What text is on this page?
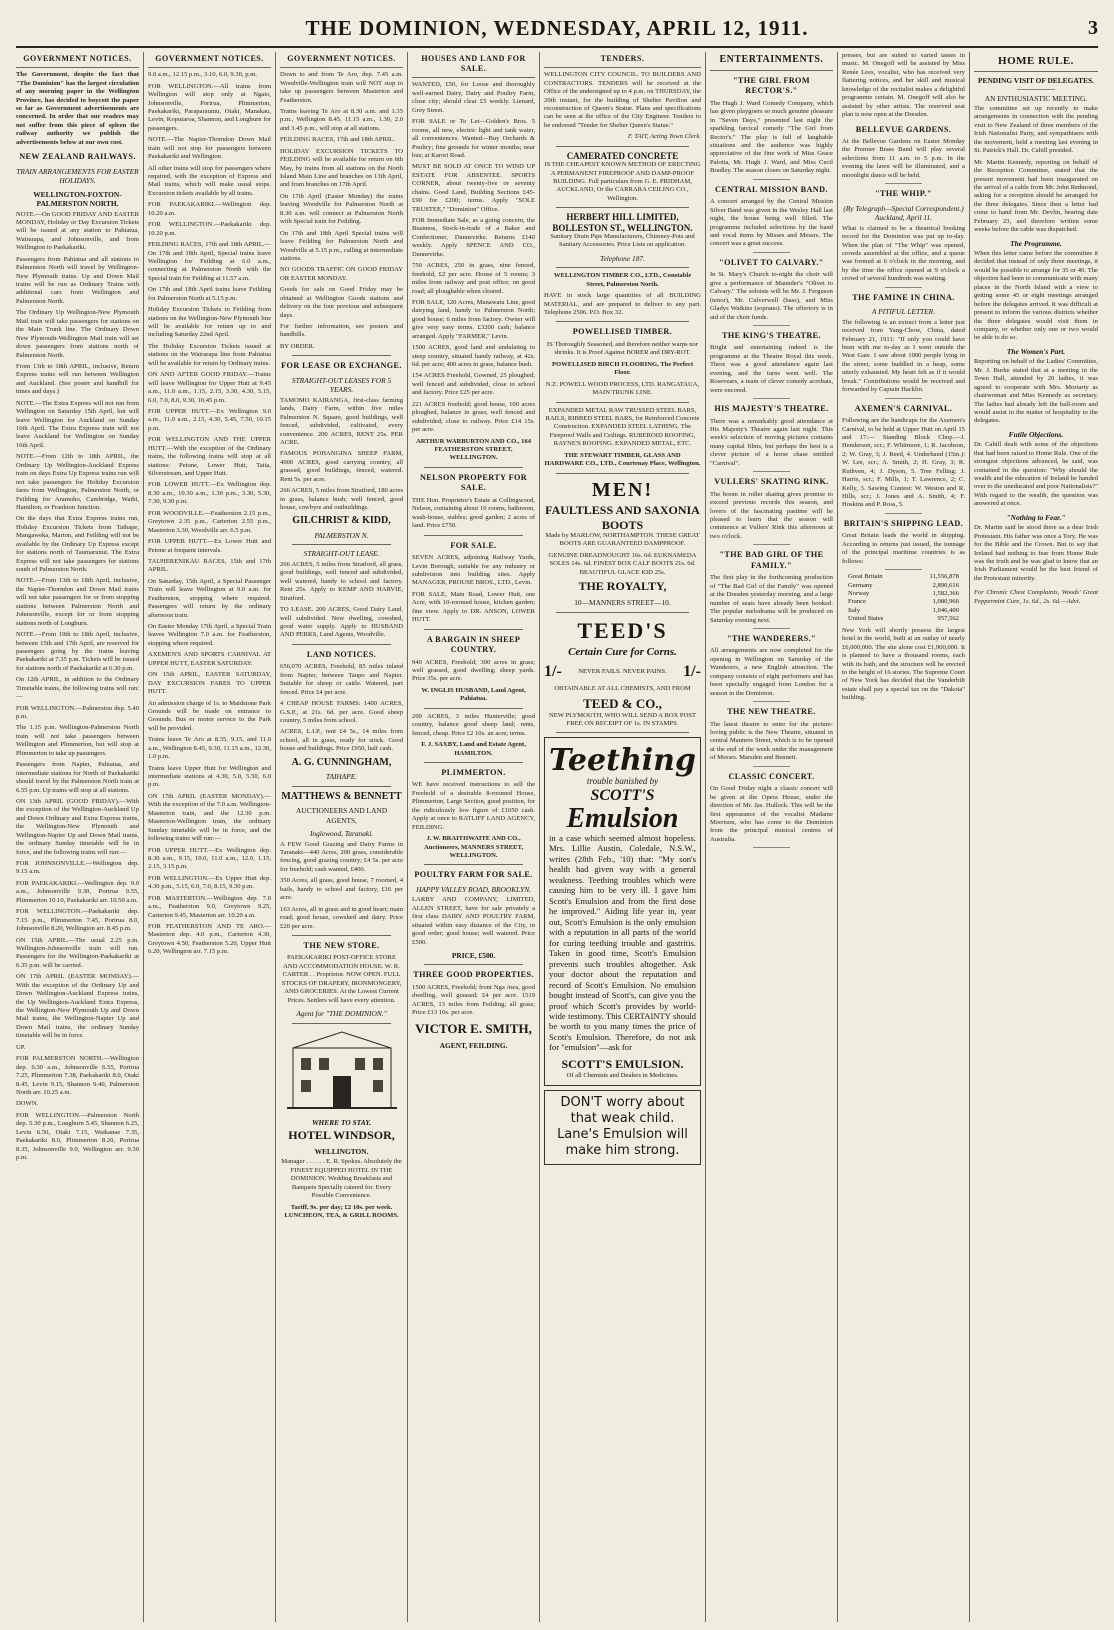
THE DOMINION, WEDNESDAY, APRIL 12, 1911.	3
GOVERNMENT NOTICES.
The Government, despite the fact that "The Dominion" has the largest circulation of any morning paper in the Wellington Province, has decided to boycott the paper so far as Government advertisements are concerned. In order that our readers may not suffer from this piece of spleen the railway authority we publish the advertisements below at our own cost.
NEW ZEALAND RAILWAYS.
TRAIN ARRANGEMENTS FOR EASTER HOLIDAYS.
WELLINGTON-FOXTON-PALMERSTON NORTH.
NOTE.—On GOOD FRIDAY AND EASTER MONDAY, Holiday or Day Excursion Tickets will be issued at any station to Pahiatua, Wairarapa, and Johnsonville, and from Wellington to Paekakariki.
Passengers from Pahiatua and all stations to Palmerston North will travel by Wellington-New Plymouth trains. Up and Down Mail trains will be run as Ordinary Trains with additional cars from Wellington and Palmerston North.
The Ordinary Up Wellington-New Plymouth Mail train will take passengers for stations on the Main Trunk line. The Ordinary Down New Plymouth-Wellington Mail train will set down passengers from stations north of Palmerston North.
From 13th to 18th APRIL, inclusive, Return Express trains will run between Wellington and Auckland. (See poster and handbill for times and days.)
NOTE.—The Extra Express will not run from Wellington on Saturday 15th April, but will leave Wellington for Auckland on Sunday 16th April. The Extra Express train will not leave Auckland for Wellington on Sunday 16th April.
NOTE.—From 12th to 18th APRIL, the Ordinary Up Wellington-Auckland Express train on days Extra Up Express trains run will not take passengers for Holiday Excursion fares from Wellington, Palmerston North, or Feilding for Aramoho, Cambridge, Waihi, Hamilton, or Frankton Junction.
On the days that Extra Express trains run, Holiday Excursion Tickets from Taihape, Mangaweka, Marton, and Feilding will not be available by the Ordinary Up Express except for stations north of Taumarunui. The Extra Express will not take passengers for stations south of Palmerston North.
NOTE.—From 13th to 18th April, inclusive, the Napier-Thorndon and Down Mail trains will not take passengers for or from stopping stations between Palmerston North and Johnsonville, except for or from stopping stations north of Longburn.
NOTE.—From 19th to 18th April, inclusive, between 15th and 17th April, are reserved for passengers going by the trains leaving Paekakariki at 7.35 p.m. Tickets will be issued for stations north of Paekakariki at 6.30 p.m.
On 12th APRIL, in addition to the Ordinary Timetable trains, the following trains will run:—
FOR WELLINGTON.—Palmerston dep. 5.40 p.m.
The 1.15 p.m. Wellington-Palmerston North train will not take passengers between Wellington and Plimmerton, but will stop at Plimmerton to take up passengers.
Passengers from Napier, Pahiatua, and intermediate stations for North of Paekakariki should travel by the Palmerston North train at 6.55 p.m. Up trains will stop at all stations.
ON 13th APRIL (GOOD FRIDAY).—With the exception of the Wellington-Auckland Up and Down Ordinary and Extra Express trains, the Wellington-New Plymouth and Wellington-Napier Up and Down Mail trains, the ordinary Sunday timetable will be in force, and the following trains will run:—
FOR JOHNSONVILLE.—Wellington dep. 9.15 a.m.
FOR PAEKAKARIKI.—Wellington dep. 9.0 a.m., Johnsonville 9.30, Porirua 9.55, Plimmerton 10.10, Paekakariki arr. 10.50 a.m.
FOR WELLINGTON.—Paekakariki dep. 7.15 p.m., Plimmerton 7.45, Porirua 8.0, Johnsonville 8.20, Wellington arr. 8.45 p.m.
ON 15th APRIL.—The usual 2.25 p.m. Wellington-Johnsonville train will run. Passengers for the Wellington-Paekakariki at 6.35 p.m. will be carried.
ON 17th APRIL (EASTER MONDAY).—With the exception of the Ordinary Up and Down Wellington-Auckland Express trains, the Up Wellington-Auckland Extra Express, the Wellington-New Plymouth Up and Down Mail trains, the Wellington-Napier Up and Down Mail trains, the ordinary Sunday timetable will be in force.
UP.
FOR PALMERSTON NORTH.—Wellington dep. 6.30 a.m., Johnsonville 6.55, Porirua 7.25, Plimmerton 7.38, Paekakariki 8.0, Otaki 8.45, Levin 9.15, Shannon 9.40, Palmerston North arr. 10.25 a.m.
DOWN.
FOR WELLINGTON.—Palmerston North dep. 5.30 p.m., Longburn 5.45, Shannon 6.25, Levin 6.50, Otaki 7.15, Waikanae 7.35, Paekakariki 8.0, Plimmerton 8.20, Porirua 8.35, Johnsonville 9.0, Wellington arr. 9.30 p.m.
GOVERNMENT NOTICES.
9.0 a.m., 12.15 p.m., 3.10, 6.0, 9.30, p.m.
FOR WELLINGTON.—All trains from Wellington will stop only at Ngaio, Johnsonville, Porirua, Plimmerton, Paekakariki, Paraparaumu, Otaki, Manakau, Levin, Koputaroa, Shannon, and Longburn for passengers.
NOTE.—The Napier-Thorndon Down Mail train will not stop for passengers between Paekakariki and Wellington.
All other trains will stop for passengers where required, with the exception of Express and Mail trains, which will make usual stops. Excursion tickets available by all trains.
FOR PAEKAKARIKI.—Wellington dep. 10.20 a.m.
FOR WELLINGTON.—Paekakariki dep. 10.20 p.m.
FEILDING RACES, 17th and 18th APRIL.—On 17th and 18th April, Special trains leave Wellington for Feilding at 6.0 a.m., connecting at Palmerston North with the Special train for Feilding at 11.57 a.m.
On 17th and 18th April trains leave Feilding for Palmerston North at 5.15 p.m.
Holiday Excursion Tickets to Feilding from stations on the Wellington-New Plymouth line will be available for return up to and including Saturday 22nd April.
The Holiday Excursion Tickets issued at stations on the Wairarapa line from Pahiatua will be available for return by Ordinary trains.
ON AND AFTER GOOD FRIDAY.—Trains will leave Wellington for Upper Hutt at 9.45 a.m., 11.0 a.m., 1.15, 2.15, 3.30, 4.30, 5.15, 6.0, 7.0, 8.0, 9.30, 10.45 p.m.
FOR UPPER HUTT.—Ex Wellington 9.0 a.m., 11.0 a.m., 2.15, 4.30, 5.45, 7.50, 10.15 p.m.
FOR WELLINGTON AND THE UPPER HUTT.—With the exception of the Ordinary trains, the following trains will stop at all stations: Petone, Lower Hutt, Taita, Silverstream, and Upper Hutt.
FOR LOWER HUTT.—Ex Wellington dep. 8.30 a.m., 10.30 a.m., 1.30 p.m., 3.30, 5.30, 7.30, 9.30 p.m.
FOR WOODVILLE.—Featherston 2.15 p.m., Greytown 2.35 p.m., Carterton 2.55 p.m., Masterton 3.30, Woodville arr. 6.5 p.m.
FOR UPPER HUTT.—Ex Lower Hutt and Petone at frequent intervals.
TAUHERENIKAU RACES, 15th and 17th APRIL.
On Saturday, 15th April, a Special Passenger Train will leave Wellington at 9.0 a.m. for Featherston, stopping where required. Passengers will return by the ordinary afternoon train.
On Easter Monday 17th April, a Special Train leaves Wellington 7.0 a.m. for Featherston, stopping where required.
AXEMEN'S AND SPORTS CARNIVAL AT UPPER HUTT, EASTER SATURDAY.
ON 15th APRIL, EASTER SATURDAY, DAY EXCURSION FARES TO UPPER HUTT.
An admission charge of 1s. to Maidstone Park Grounds will be made on entrance to Grounds. Bus or motor service to the Park will be provided.
Trains leave Te Aro at 8.35, 9.15, and 11.0 a.m., Wellington 8.45, 9.30, 11.15 a.m., 12.30, 1.0 p.m.
Trains leave Upper Hutt for Wellington and intermediate stations at 4.30, 5.0, 5.50, 6.0 p.m.
ON 17th APRIL (EASTER MONDAY).—With the exception of the 7.0 a.m. Wellington-Masterton train, and the 12.30 p.m. Masterton-Wellington train, the ordinary Sunday timetable will be in force, and the following trains will run:—
FOR UPPER HUTT.—Ex Wellington dep. 8.30 a.m., 9.15, 10.0, 11.0 a.m., 12.0, 1.15, 2.15, 3.15 p.m.
FOR WELLINGTON.—Ex Upper Hutt dep. 4.30 p.m., 5.15, 6.0, 7.0, 8.15, 9.30 p.m.
FOR MASTERTON.—Wellington dep. 7.0 a.m., Featherston 9.0, Greytown 9.25, Carterton 9.45, Masterton arr. 10.20 a.m.
FOR FEATHERSTON AND TE ARO.—Masterton dep. 4.0 p.m., Carterton 4.30, Greytown 4.50, Featherston 5.20, Upper Hutt 6.20, Wellington arr. 7.15 p.m.
GOVERNMENT NOTICES.
Down to and from Te Aro, dep. 7.45 a.m. Woodville-Wellington train will NOT stop to take up passengers between Masterton and Featherston.
Trains leaving Te Aro at 8.30 a.m. and 1.35 p.m., Wellington 8.45, 11.15 a.m., 1.30, 2.0 and 3.45 p.m., will stop at all stations.
FEILDING RACES, 17th and 18th APRIL.
HOLIDAY EXCURSION TICKETS TO FEILDING will be available for return on 6th May, by trains from all stations on the North Island Main Line and branches on 13th April, and from branches on 17th April.
On 17th April (Easter Monday) the trains leaving Woodville for Palmerston North at 8.30 a.m. will connect at Palmerston North with Special train for Feilding.
On 17th and 18th April Special trains will leave Feilding for Palmerston North and Woodville at 5.15 p.m., calling at intermediate stations.
NO GOODS TRAFFIC ON GOOD FRIDAY OR EASTER MONDAY.
Goods for sale on Good Friday may be obtained at Wellington Goods stations and delivery on the four previous and subsequent days.
For further information, see posters and handbills.
BY ORDER.
FOR LEASE OR EXCHANGE.
STRAIGHT-OUT LEASES FOR 5 YEARS.
TAMOMO KAIRANGA, first-class farming lands, Dairy Farm, within five miles Palmerston N. Square, good buildings, well fenced, subdivided, cultivated, every convenience. 200 ACRES, RENT 25s. PER ACRE.
FAMOUS POHANGINA SHEEP FARM, 4000 ACRES, good carrying country, all grassed, good buildings, fenced, watered. Rent 5s. per acre.
266 ACRES, 5 miles from Stratford, 180 acres in grass, balance bush; well fenced, good house, cowbyre and outbuildings.
GILCHRIST & KIDD,
PALMERSTON N.
STRAIGHT-OUT LEASE.
266 ACRES, 5 miles from Stratford, all grass, good buildings, well fenced and subdivided, well watered, handy to school and factory. Rent 25s. Apply to KEMP AND HARVIE, Stratford.
TO LEASE. 200 ACRES, Good Dairy Land, well subdivided. New dwelling, cowshed, good water supply. Apply to HUSBAND AND PERKS, Land Agents, Woodville.
LAND NOTICES.
656,070 ACRES, Freehold, 85 miles inland from Napier, between Taupo and Napier. Suitable for sheep or cattle. Watered, part fenced. Price £4 per acre.
4 CHEAP HOUSE FARMS: 1400 ACRES, G.S.P., at 21s. 6d. per acre. Good sheep country, 5 miles from school.
ACRES, L.I.P., rent £4 5s., 14 miles from school, all in grass, ready for stock. Good house and buildings. Price £950, half cash.
A. G. CUNNINGHAM,
TAIHAPE.
MATTHEWS & BENNETT
AUCTIONEERS AND LAND AGENTS,
Inglewood, Taranaki.
A FEW Good Grazing and Dairy Farms in Taranaki—440 Acres, 200 grass, considerable fencing, good grazing country; £4 5s. per acre for freehold; cash wanted, £400.
350 Acres, all grass, good house, 7 roomed, 4 bails, handy to school and factory, £16 per acre.
163 Acres, all in grass and in good heart; main road; good house, cowshed and dairy. Price £20 per acre.
THE NEW STORE.
PAEKAKARIKI POST-OFFICE STORE AND ACCOMMODATION HOUSE. W. R. CARTER . . Proprietor. NOW OPEN. FULL STOCKS OF DRAPERY, IRONMONGERY, AND GROCERIES. At the Lowest Current Prices. Settlers will have every attention.
Agent for "THE DOMINION."
WHERE TO STAY.
HOTEL WINDSOR,
WELLINGTON.
Manager . . . . . . E. R. Spokes. Absolutely the FINEST EQUIPPED HOTEL IN THE DOMINION. Wedding Breakfasts and Banquets Specially catered for. Every Possible Convenience.
Tariff, 9s. per day; £2 10s. per week. LUNCHEON, TEA, & GRILL ROOMS.
HOUSES AND LAND FOR SALE.
WANTED, £50, for Loose and thoroughly well-earned Dairy, Dairy and Poultry Farm, close city; should clear £5 weekly. Lienard, Grey Street.
FOR SALE or To Let—Golden's Bros. 5 rooms, all new, electric light and tank water, all conveniences. Wanted—Buy Orchards & Poultry; fine grounds for winter months; near bus; at Karori Road.
MUST BE SOLD AT ONCE TO WIND UP ESTATE FOR ABSENTEE. SPORTS CORNER, about twenty-five or seventy chains. Good Land, Building Sections £45-£90 for £200; terms. Apply "SOLE TRUSTEE," "Dominion" Office.
FOR Immediate Sale, as a going concern, the Business, Stock-in-trade of a Baker and Confectioner, Dannevirke. Returns £140 weekly. Apply SPENCE AND CO., Dannevirke.
750 ACRES, 250 in grass, nine fenced, freehold, £2 per acre. House of 5 rooms; 3 miles from railway and post office; on good road; all ploughable when cleared.
FOR SALE, 120 Acres, Manawatu Line, good dairying land, handy to Palmerston North; good house; 6 miles from factory. Owner will give very easy terms. £3200 cash; balance arranged. Apply "FARMER," Levin.
1500 ACRES, good land and undulating to steep country, situated handy railway, at 42s. 6d. per acre; 400 acres in grass, balance bush.
154 ACRES Freehold, Gowned, 25 ploughed; well fenced and subdivided, close to school and factory. Price £25 per acre.
221 ACRES freehold; good house, 100 acres ploughed, balance in grass; well fenced and subdivided; close to railway. Price £14 15s. per acre.
ARTHUR WARBURTON AND CO., 164 FEATHERSTON STREET, WELLINGTON.
NELSON PROPERTY FOR SALE.
THE Hon. Proprietor's Estate at Collingwood, Nelson, containing about 10 rooms, bathroom, wash-house, stables; good garden; 2 acres of land. Price £750.
FOR SALE.
SEVEN ACRES, adjoining Railway Yards, Levin Borough, suitable for any industry or subdivision into building sites. Apply MANAGER, PROUSE BROS., LTD., Levin.
FOR SALE, Main Road, Lower Hutt, one Acre, with 10-roomed house, kitchen garden; fine view. Apply to DR. ANSON, LOWER HUTT.
A BARGAIN IN SHEEP COUNTRY.
940 ACRES, Freehold; 300 acres in grass; well grassed, good dwelling; sheep yards. Price 35s. per acre.
W. INGLIS HUSBAND, Land Agent, Pahiatua.
200 ACRES, 3 miles Hunterville; good country, balance good sheep land; rents, fenced, cheap. Price £2 10s. an acre; terms.
F. J. SAXBY, Land and Estate Agent, HAMILTON.
PLIMMERTON.
WE have received instructions to sell the Freehold of a desirable 8-roomed House, Plimmerton, Large Section, good position, for the ridiculously low figure of £1050 cash. Apply at once to RATLIFF LAND AGENCY, FEILDING.
J. W. BRAITHWAITE AND CO., Auctioneers, MANNERS STREET, WELLINGTON.
POULTRY FARM FOR SALE.
HAPPY VALLEY ROAD, BROOKLYN.
LARBY AND COMPANY, LIMITED, ALLEN STREET, have for sale privately a first class DAIRY AND POULTRY FARM, situated within easy distance of the City, in good order; good house; well watered. Price £500.
PRICE, £500.
THREE GOOD PROPERTIES.
1500 ACRES, Freehold; front Nga Awa, good dwelling, well grassed; £4 per acre. 1519 ACRES, 13 miles from Feilding; all grass; Price £13 10s. per acre.
VICTOR E. SMITH,
AGENT, FEILDING.
TENDERS.
WELLINGTON CITY COUNCIL. TO BUILDERS AND CONTRACTORS. TENDERS will be received at the Office of the undersigned up to 4 p.m. on THURSDAY, the 20th instant, for the building of Shelter Pavilion and reconstruction of Queen's Statue. Plans and specifications can be seen at the office of the City Engineer. Tenders to be endorsed "Tender for Shelter Queen's Statue."
F. TAIT, Acting Town Clerk.
CAMERATED CONCRETE
IS THE CHEAPEST KNOWN METHOD OF ERECTING A PERMANENT FIREPROOF AND DAMP-PROOF BUILDING. Full particulars from G. E. PRIDHAM, AUCKLAND, Or the CARRARA CEILING CO., Wellington.
HERBERT HILL LIMITED, BOLLESTON ST., WELLINGTON.
Sanitary Drain Pipe Manufacturers, Chimney-Pots and Sanitary Accessories. Price Lists on application.
Telephone 187.
WELLINGTON TIMBER CO., LTD., Constable Street, Palmerston North.
HAVE in stock large quantities of all BUILDING MATERIAL, and are prepared to deliver to any part. Telephone 2506. P.O. Box 32.
POWELLISED TIMBER.
IS Thoroughly Seasoned, and therefore neither warps nor shrinks. It is Proof Against BORER and DRY-ROT.
POWELLISED BIRCH FLOORING, The Perfect Floor.
N.Z. POWELL WOOD PROCESS, LTD. RANGATAUA, MAIN TRUNK LINE.
EXPANDED METAL RAW TRUSSED STEEL BARS, RAILS, RIBBED STEEL BARS, for Reinforced Concrete Construction. EXPANDED STEEL LATHING. The Fireproof Walls and Ceilings. RUBEROID ROOFING, RAYNE'S ROOFING. EXPANDED METAL, ETC.
THE STEWART TIMBER, GLASS AND HARDWARE CO., LTD., Courtenay Place, Wellington.
MEN!
FAULTLESS AND SAXONIA BOOTS
Made by MARLOW, NORTHAMPTON. THESE GREAT BOOTS ARE GUARANTEED DAMPPROOF.
GENUINE DREADNOUGHT 16s. 6d. EUKNAMEDA SOLES 14s. 6d. FINEST BOX CALF BOOTS 21s. 6d. BEAUTIFUL GLACE KID 25s.
THE ROYALTY,
10—MANNERS STREET—10.
TEED'S
Certain Cure for Corns.
1/-	NEVER FAILS. NEVER PAINS.	1/-
OBTAINABLE AT ALL CHEMISTS, AND FROM
TEED & CO.,
NEW PLYMOUTH, WHO WILL SEND A BOX POST FREE ON RECEIPT OF 1s. IN STAMPS.
Teething
trouble banished by
SCOTT'S
Emulsion
in a case which seemed almost hopeless. Mrs. Lillie Austin, Coledale, N.S.W., writes (28th Feb., '10) that: "My son's health had given way with a general weakness. Teething troubles which were causing him to be very ill. I gave him Scott's Emulsion and from the first dose he improved." Aiding life year in, year out, Scott's Emulsion is the only emulsion with a reputation in all parts of the world for curing teething trouble and gastritis. Taken in good time, Scott's Emulsion prevents such troubles altogether. Ask your doctor about the reputation and record of Scott's Emulsion. No emulsion bought instead of Scott's, can give you the proof which Scott's provides by world-wide testimony. This CERTAINTY should be worth to you many times the price of Scott's Emulsion. Therefore, do not ask for "emulsion"—ask for
SCOTT'S EMULSION.
Of all Chemists and Dealers in Medicines.
DON'T worry about that weak child. Lane's Emulsion will make him strong.
ENTERTAINMENTS.
"THE GIRL FROM RECTOR'S."
The Hugh J. Ward Comedy Company, which has given playgoers so much genuine pleasure in "Seven Days," presented last night the sparkling farcical comedy "The Girl from Rector's." The play is full of laughable situations and the audience was highly appreciative of the fine work of Miss Grace Palotta, Mr. Hugh J. Ward, and Miss Cecil Bradley. The season closes on Saturday night.
CENTRAL MISSION BAND.
A concert arranged by the Central Mission Silver Band was given in the Wesley Hall last night, the house being well filled. The programme included selections by the band and vocal items by Misses and Messrs. The concert was a great success.
"OLIVET TO CALVARY."
In St. Mary's Church to-night the choir will give a performance of Maunder's "Olivet to Calvary." The soloists will be Mr. J. Ferguson (tenor), Mr. Culverwell (bass), and Miss Gladys Watkins (soprano). The offertory is in aid of the choir funds.
THE KING'S THEATRE.
Bright and entertaining indeed is the programme at the Theatre Royal this week. There was a good attendance again last evening, and the turns went well. The Rosevears, a team of clever comedy acrobats, were encored.
HIS MAJESTY'S THEATRE.
There was a remarkably good attendance at His Majesty's Theatre again last night. This week's selection of moving pictures contains many capital films, but perhaps the best is a clever picture of a horse chase entitled "Carnival".
VULLERS' SKATING RINK.
The boom in roller skating gives promise to exceed previous records this season, and lovers of the fascinating pastime will be pleased to learn that the season will commence at Vullers' Rink this afternoon at two o'clock.
"THE BAD GIRL OF THE FAMILY."
The first play in the forthcoming production of "The Bad Girl of the Family" was opened at the Dresden yesterday morning, and a large number of seats have already been booked. The popular melodrama will be produced on Saturday evening next.
"THE WANDERERS."
All arrangements are now completed for the opening in Wellington on Saturday of the Wanderers, a new English attraction. The company consists of eight performers and has been specially engaged from London for a season in the Dominion.
THE NEW THEATRE.
The latest theatre to enter for the picture-loving public is the New Theatre, situated in central Manners Street, which is to be opened at the end of the week under the management of Messrs. Marsden and Bennett.
CLASSIC CONCERT.
On Good Friday night a classic concert will be given at the Opera House, under the direction of Mr. Jas. Hullock. This will be the first appearance of the vocalist Madame Morrison, who has come to the Dominion from the principal musical centres of Australia.
presses, but are suited to varied tastes in music. M. Onegoff will be assisted by Miss Renée Lees, vocalist, who has received very flattering notices, and her skill and musical knowledge of the recitalist makes a delightful programme certain. M. Onegoff will also be assisted by other artists. The reserved seat plan is now open at the Dresden.
BELLEVUE GARDENS.
At the Bellevue Gardens on Easter Monday the Premier Brass Band will play several selections from 11 a.m. to 5 p.m. In the evening the lawn will be illuminated, and a moonlight dance will be held.
"THE WHIP."
(By Telegraph—Special Correspondent.) Auckland, April 11.
What is claimed to be a theatrical booking record for the Dominion was put up to-day. When the plan of "The Whip" was opened, crowds assembled at the office, and a queue was formed at 6 o'clock in the morning, and by the time the office opened at 9 o'clock a crowd of several hundreds was waiting.
THE FAMINE IN CHINA.
A PITIFUL LETTER.
The following is an extract from a letter just received from Yang-Chow, China, dated February 21, 1911: "If only you could have been with me to-day as I went outside the West Gate. I saw about 1000 people lying in the street, some huddled in a heap, some utterly exhausted. My heart felt as if it would break." Contributions would be received and forwarded by Captain Hacklin.
AXEMEN'S CARNIVAL.
Following are the handicaps for the Axemen's Carnival, to be held at Upper Hutt on April 15 and 17:— Standing Block Chop.—J. Henderson, scr.; F. Whitmore, 1; R. Jacobson, 2; W. Gray, 3; J. Reed, 4. Underhand (15in.): W. Lee, scr.; A. Smith, 2; H. Gray, 3; R. Ruthven, 4; J. Dyson, 5. Tree Felling: J. Harris, scr.; F. Mills, 1; T. Lawrence, 2; C. Kelly, 3. Sawing Contest: W. Weston and R. Hills, scr.; J. Jones and A. Smith, 4; F. Hoskins and P. Ross, 5.
BRITAIN'S SHIPPING LEAD.
Great Britain leads the world in shipping. According to returns just issued, the tonnage of the principal maritime countries is as follows:
Great Britain	11,556,878
Germany	2,890,616
Norway	1,582,366
France	1,080,966
Italy	1,046,400
United States	957,562
New York will shortly possess the largest hotel in the world, built at an outlay of nearly £6,000,000. The site alone cost £1,900,000. It is planned to have a thousand rooms, each with its bath, and the structure will be erected to the height of 16 stories. The Supreme Court of New York has decided that the Vanderbilt estate shall pay a special tax on the "Dakota" building.
HOME RULE.
PENDING VISIT OF DELEGATES.
AN ENTHUSIASTIC MEETING.
The committee set up recently to make arrangements in connection with the pending visit to New Zealand of three members of the Irish Nationalist Party, and sympathisers with the movement, held a meeting last evening in St. Patrick's Hall. Dr. Cahill presided.
Mr. Martin Kennedy, reporting on behalf of the Reception Committee, stated that the present movement had been inaugurated on the arrival of a cable from Mr. John Redmond, asking for a reception should be arranged for the three delegates. Since then a letter had come to hand from Mr. Devlin, bearing date February 23, and therefore written some weeks before the cable was dispatched.
The Programme.
When this letter came before the committee it decided that instead of only three meetings, it would be possible to arrange for 35 or 40. The objection had been to communicate with many places in the North Island with a view to getting some 45 or eight meetings arranged before the delegates arrived. It was difficult at present to inform the various districts whether the three delegates would visit them in company, or whether only one or two would be able to do so.
The Women's Part.
Reporting on behalf of the Ladies' Committee, Mr. J. Burke stated that at a meeting in the Town Hall, attended by 20 ladies, it was agreed to cooperate with Mrs. Moriarty as chairwoman and Miss Kennedy as secretary. The ladies had already left the ball-room and would assist in the matter of hospitality to the delegates.
Futile Objections.
Dr. Cahill dealt with some of the objections that had been raised to Home Rule. One of the strongest objections advanced, he said, was contained in the question: "Why should the wealth and the education of Ireland be handed over to the uneducated and poor Nationalists?" With regard to the wealth, the question was answered at once.
"Nothing to Fear."
Dr. Martin said he stood there as a dear Irish Protestant. His father was once a Tory. He was for the Bible and the Crown. But to say that Ireland had nothing to fear from Home Rule was the truth and he was glad to know that an Irish Parliament would be the best friend of the Protestant minority.
For Chronic Chest Complaints, Woods' Great Peppermint Cure, 1s. 6d., 2s. 6d.—Advt.
